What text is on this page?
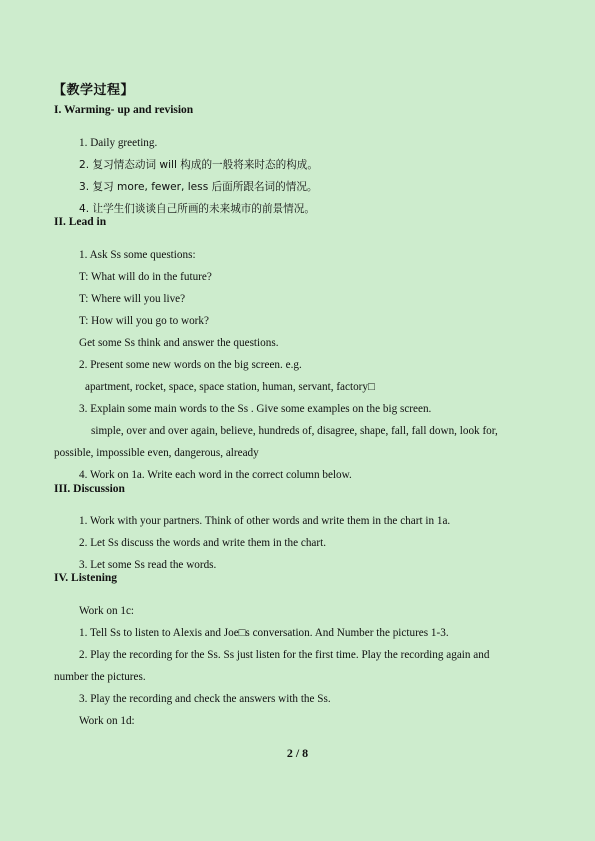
【教学过程】
I. Warming- up and revision
1. Daily greeting.
2. 复习情态动词 will 构成的一般将来时态的构成。
3. 复习 more, fewer, less 后面所跟名词的情况。
4. 让学生们谈谈自己所画的未来城市的前景情况。
II. Lead in
1. Ask Ss some questions:
T: What will do in the future?
T: Where will you live?
T: How will you go to work?
Get some Ss think and answer the questions.
2. Present some new words on the big screen. e.g.
apartment, rocket, space, space station, human, servant, factory□
3. Explain some main words to the Ss . Give some examples on the big screen.
simple, over and over again, believe, hundreds of, disagree, shape, fall, fall down, look for,
possible, impossible even, dangerous, already
4. Work on 1a. Write each word in the correct column below.
III. Discussion
1. Work with your partners. Think of other words and write them in the chart in 1a.
2. Let Ss discuss the words and write them in the chart.
3. Let some Ss read the words.
IV. Listening
Work on 1c:
1. Tell Ss to listen to Alexis and Joe□s conversation. And Number the pictures 1-3.
2. Play the recording for the Ss. Ss just listen for the first time. Play the recording again and
number the pictures.
3. Play the recording and check the answers with the Ss.
Work on 1d:
2 / 8
